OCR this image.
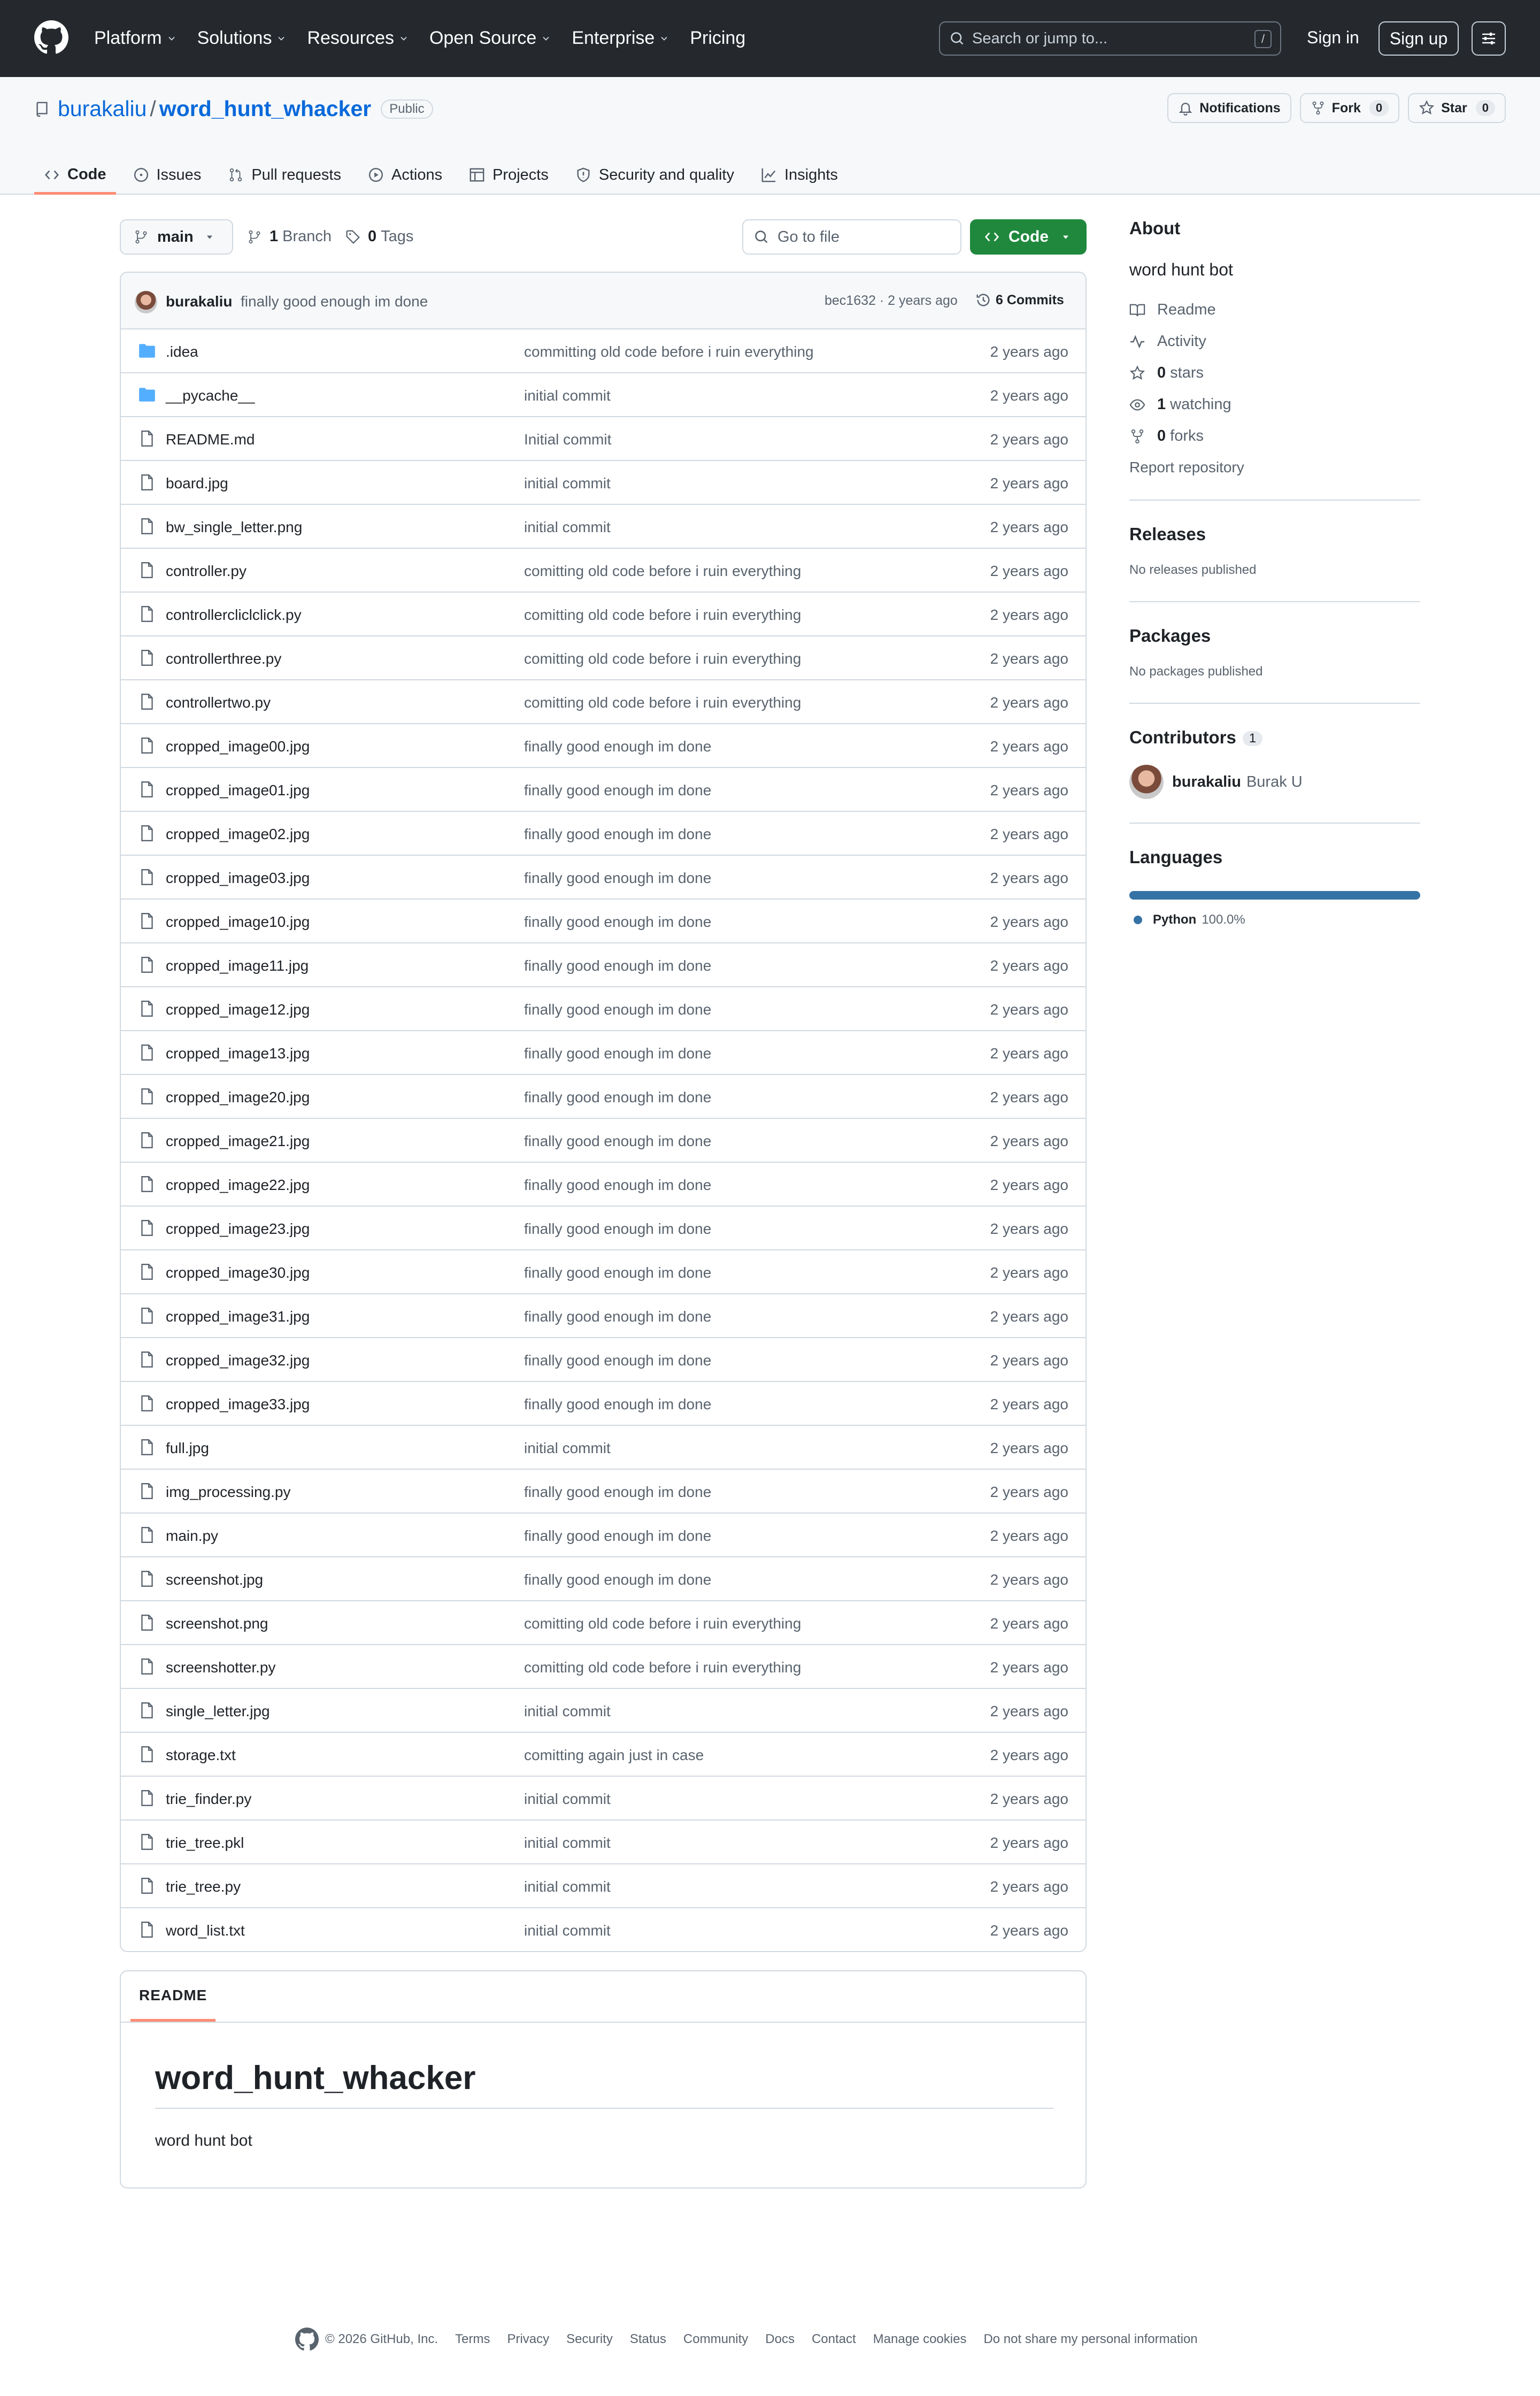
Platform Solutions Resources Open Source Enterprise Pricing	Search or jump to...	/	Sign in	Sign up
burakaliu / word_hunt_whacker	Public	Notifications	Fork	0	Star	0
Code	Issues	Pull requests	Actions	Projects	Security and quality	Insights
main	1 Branch 0 Tags	Go to file	Code
burakaliu finally good enough im done	bec1632 · 2 years ago	6 Commits
.idea	committing old code before i ruin everything	2 years ago
__pycache__	initial commit	2 years ago
README.md	Initial commit	2 years ago
board.jpg	initial commit	2 years ago
bw_single_letter.png	initial commit	2 years ago
controller.py	comitting old code before i ruin everything	2 years ago
controllercliclclick.py	comitting old code before i ruin everything	2 years ago
controllerthree.py	comitting old code before i ruin everything	2 years ago
controllertwo.py	comitting old code before i ruin everything	2 years ago
cropped_image00.jpg	finally good enough im done	2 years ago
cropped_image01.jpg	finally good enough im done	2 years ago
cropped_image02.jpg	finally good enough im done	2 years ago
cropped_image03.jpg	finally good enough im done	2 years ago
cropped_image10.jpg	finally good enough im done	2 years ago
cropped_image11.jpg	finally good enough im done	2 years ago
cropped_image12.jpg	finally good enough im done	2 years ago
cropped_image13.jpg	finally good enough im done	2 years ago
cropped_image20.jpg	finally good enough im done	2 years ago
cropped_image21.jpg	finally good enough im done	2 years ago
cropped_image22.jpg	finally good enough im done	2 years ago
cropped_image23.jpg	finally good enough im done	2 years ago
cropped_image30.jpg	finally good enough im done	2 years ago
cropped_image31.jpg	finally good enough im done	2 years ago
cropped_image32.jpg	finally good enough im done	2 years ago
cropped_image33.jpg	finally good enough im done	2 years ago
full.jpg	initial commit	2 years ago
img_processing.py	finally good enough im done	2 years ago
main.py	finally good enough im done	2 years ago
screenshot.jpg	finally good enough im done	2 years ago
screenshot.png	comitting old code before i ruin everything	2 years ago
screenshotter.py	comitting old code before i ruin everything	2 years ago
single_letter.jpg	initial commit	2 years ago
storage.txt	comitting again just in case	2 years ago
trie_finder.py	initial commit	2 years ago
trie_tree.pkl	initial commit	2 years ago
trie_tree.py	initial commit	2 years ago
word_list.txt	initial commit	2 years ago
README
word_hunt_whacker
word hunt bot
About
word hunt bot
Readme
Activity
0 stars
1 watching
0 forks
Report repository
Releases
No releases published
Packages
No packages published
Contributors 1
burakaliu Burak U
Languages
Python 100.0%
© 2026 GitHub, Inc. Terms Privacy Security Status Community Docs Contact Manage cookies Do not share my personal information
